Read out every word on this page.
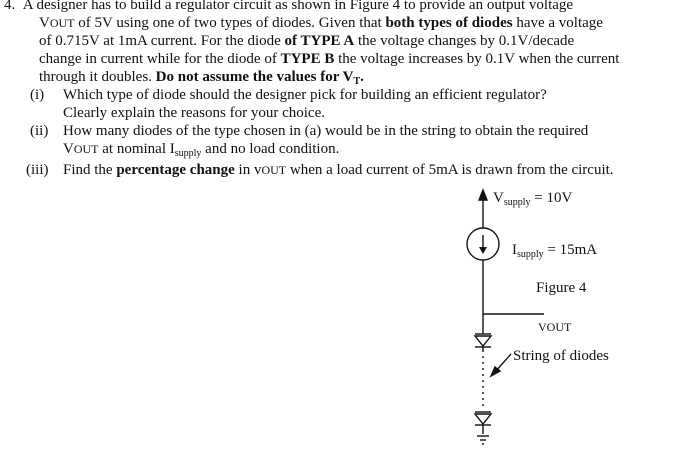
4. A designer has to build a regulator circuit as shown in Figure 4 to provide an output voltage
VOUT of 5V using one of two types of diodes. Given that both types of diodes have a voltage
of 0.715V at 1mA current. For the diode of TYPE A the voltage changes by 0.1V/decade
change in current while for the diode of TYPE B the voltage increases by 0.1V when the current
through it doubles. Do not assume the values for $V_T$.
(i) Which type of diode should the designer pick for building an efficient regulator?
Clearly explain the reasons for your choice.
(ii) How many diodes of the type chosen in (a) would be in the string to obtain the required
VOUT at nominal $I_{supply}$ and no load condition.
(iii) Find the percentage change in vOUT when a load current of 5mA is drawn from the circuit.
$V_{supply} = 10V$
$I_{supply} = 15mA$
Figure 4
VOUT
String of diodes
